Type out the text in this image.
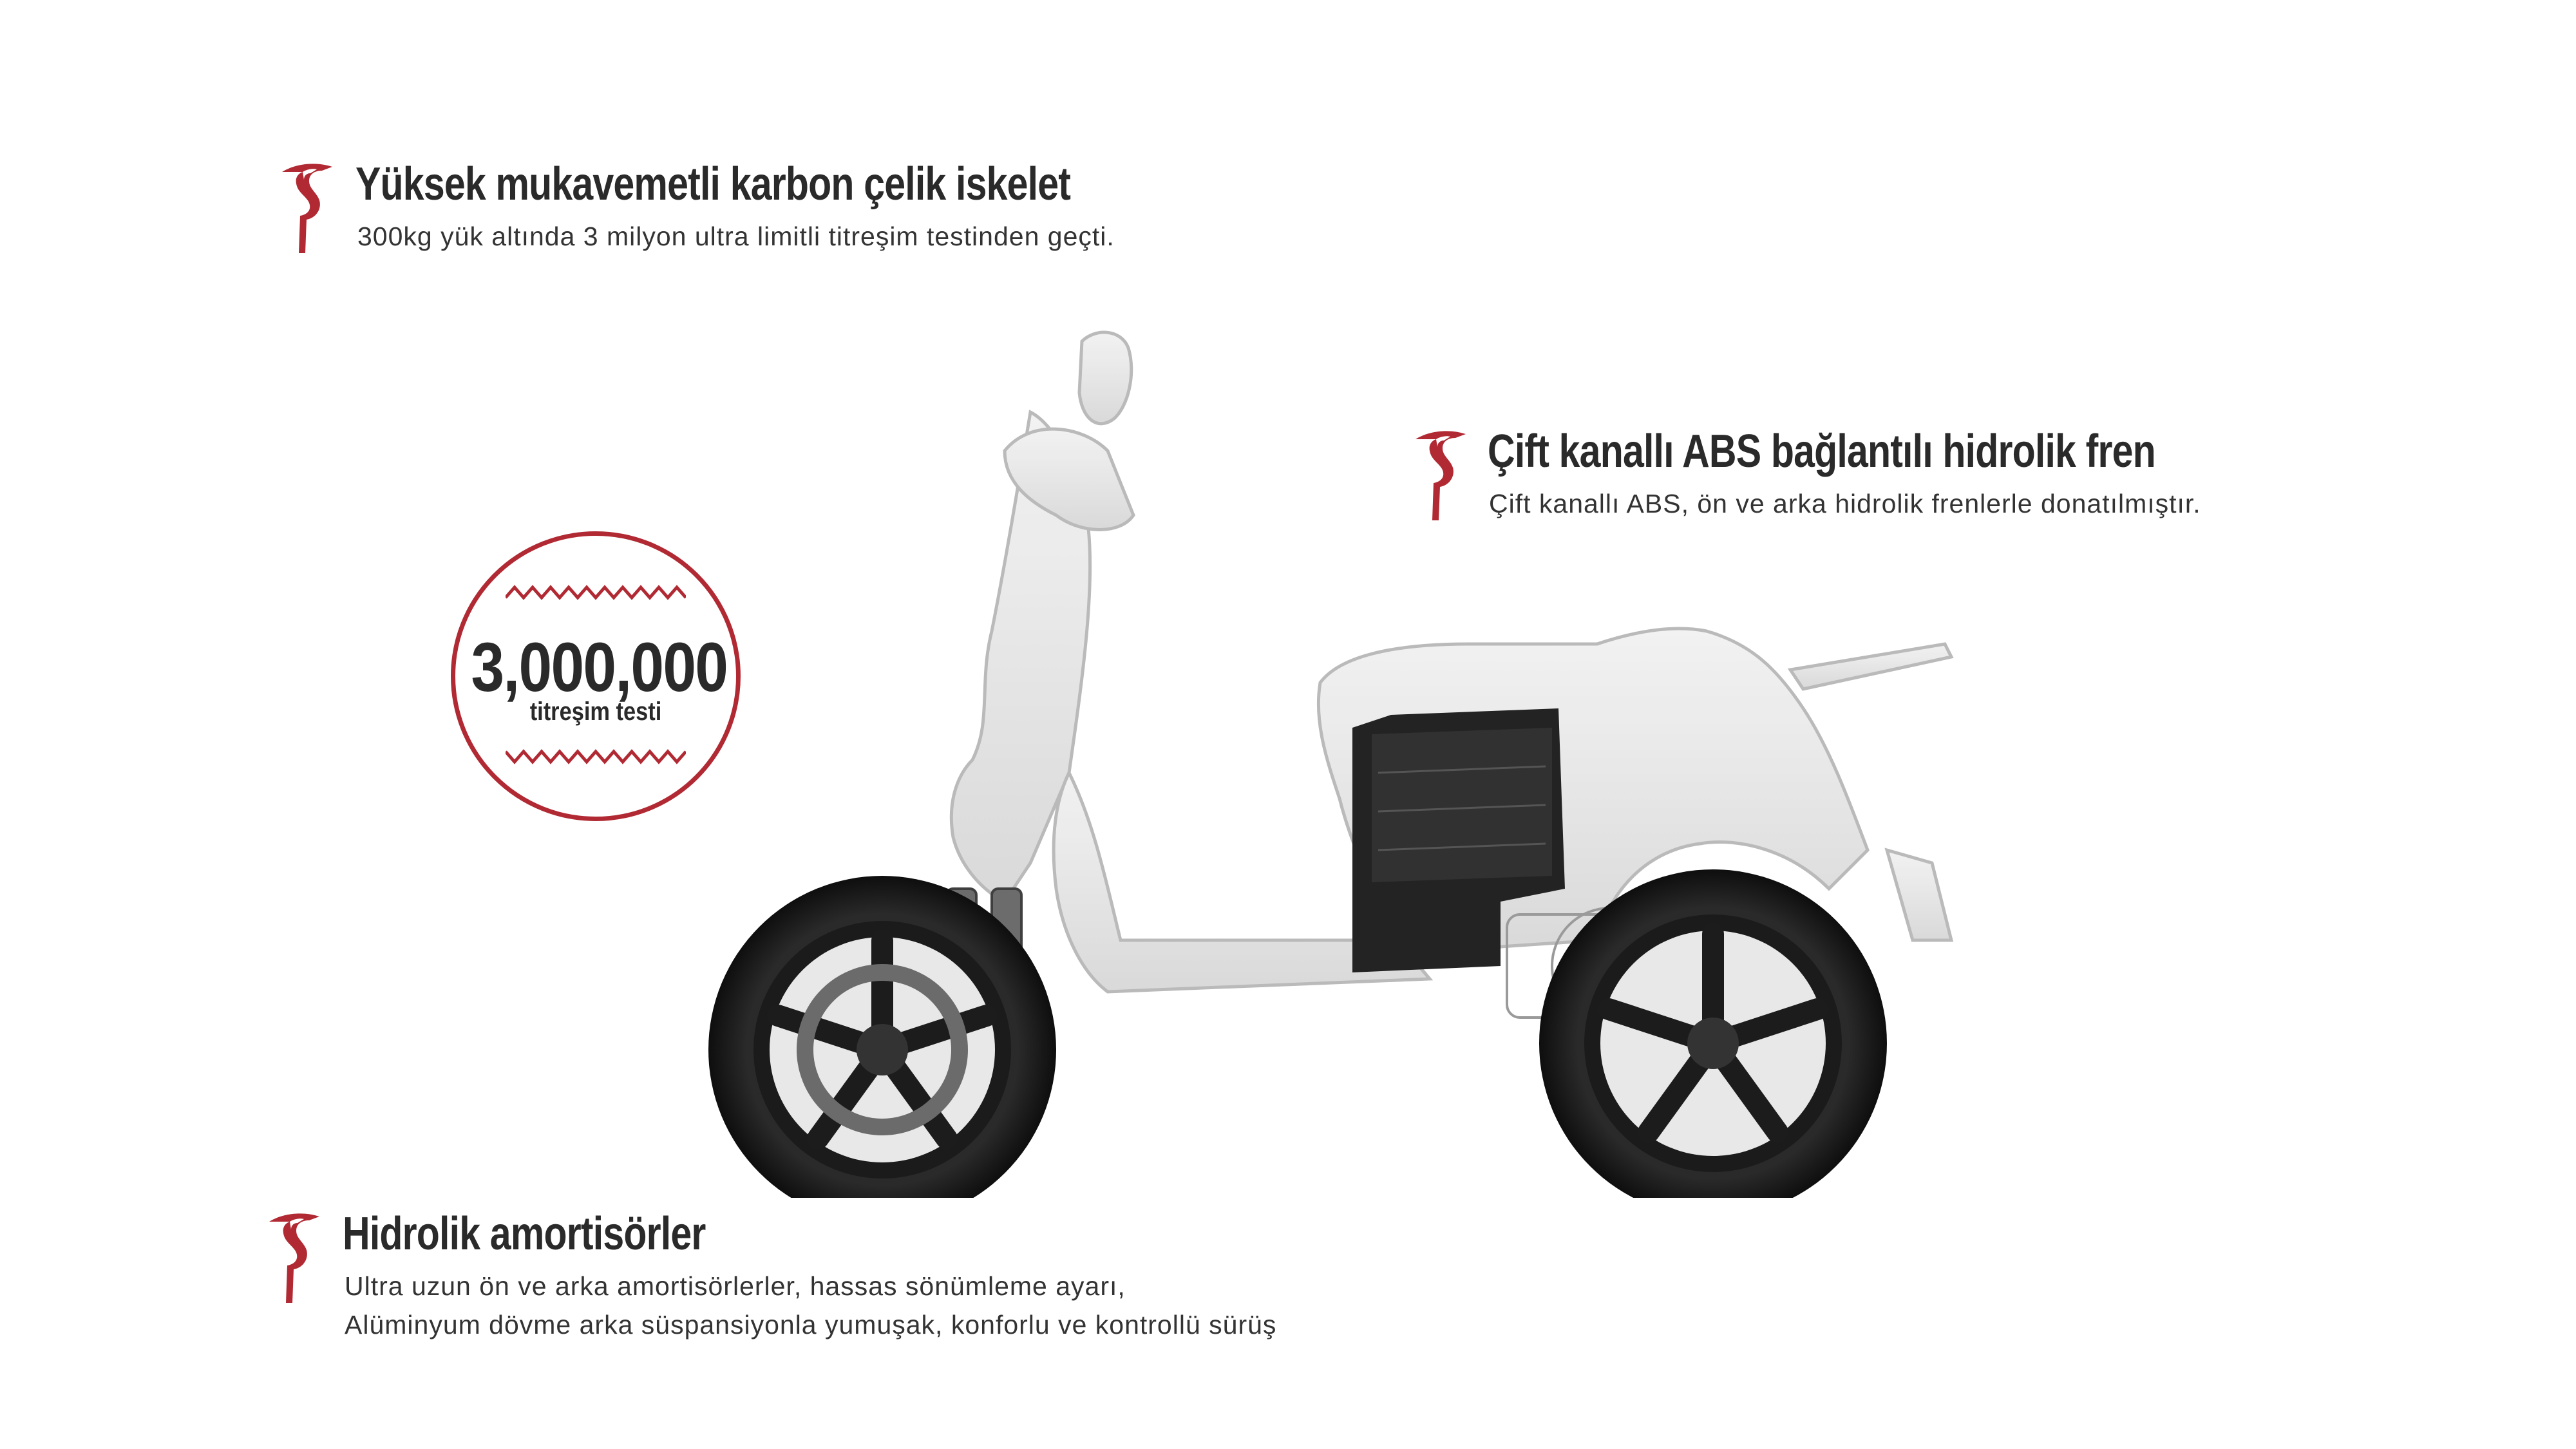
Yüksek mukavemetli karbon çelik iskelet
300kg yük altında 3 milyon ultra limitli titreşim testinden geçti.
Çift kanallı ABS bağlantılı hidrolik fren
Çift kanallı ABS, ön ve arka hidrolik frenlerle donatılmıştır.
Hidrolik amortisörler
Ultra uzun ön ve arka amortisörlerler, hassas sönümleme ayarı,
Alüminyum dövme arka süspansiyonla yumuşak, konforlu ve kontrollü sürüş
3,000,000
titreşim testi
